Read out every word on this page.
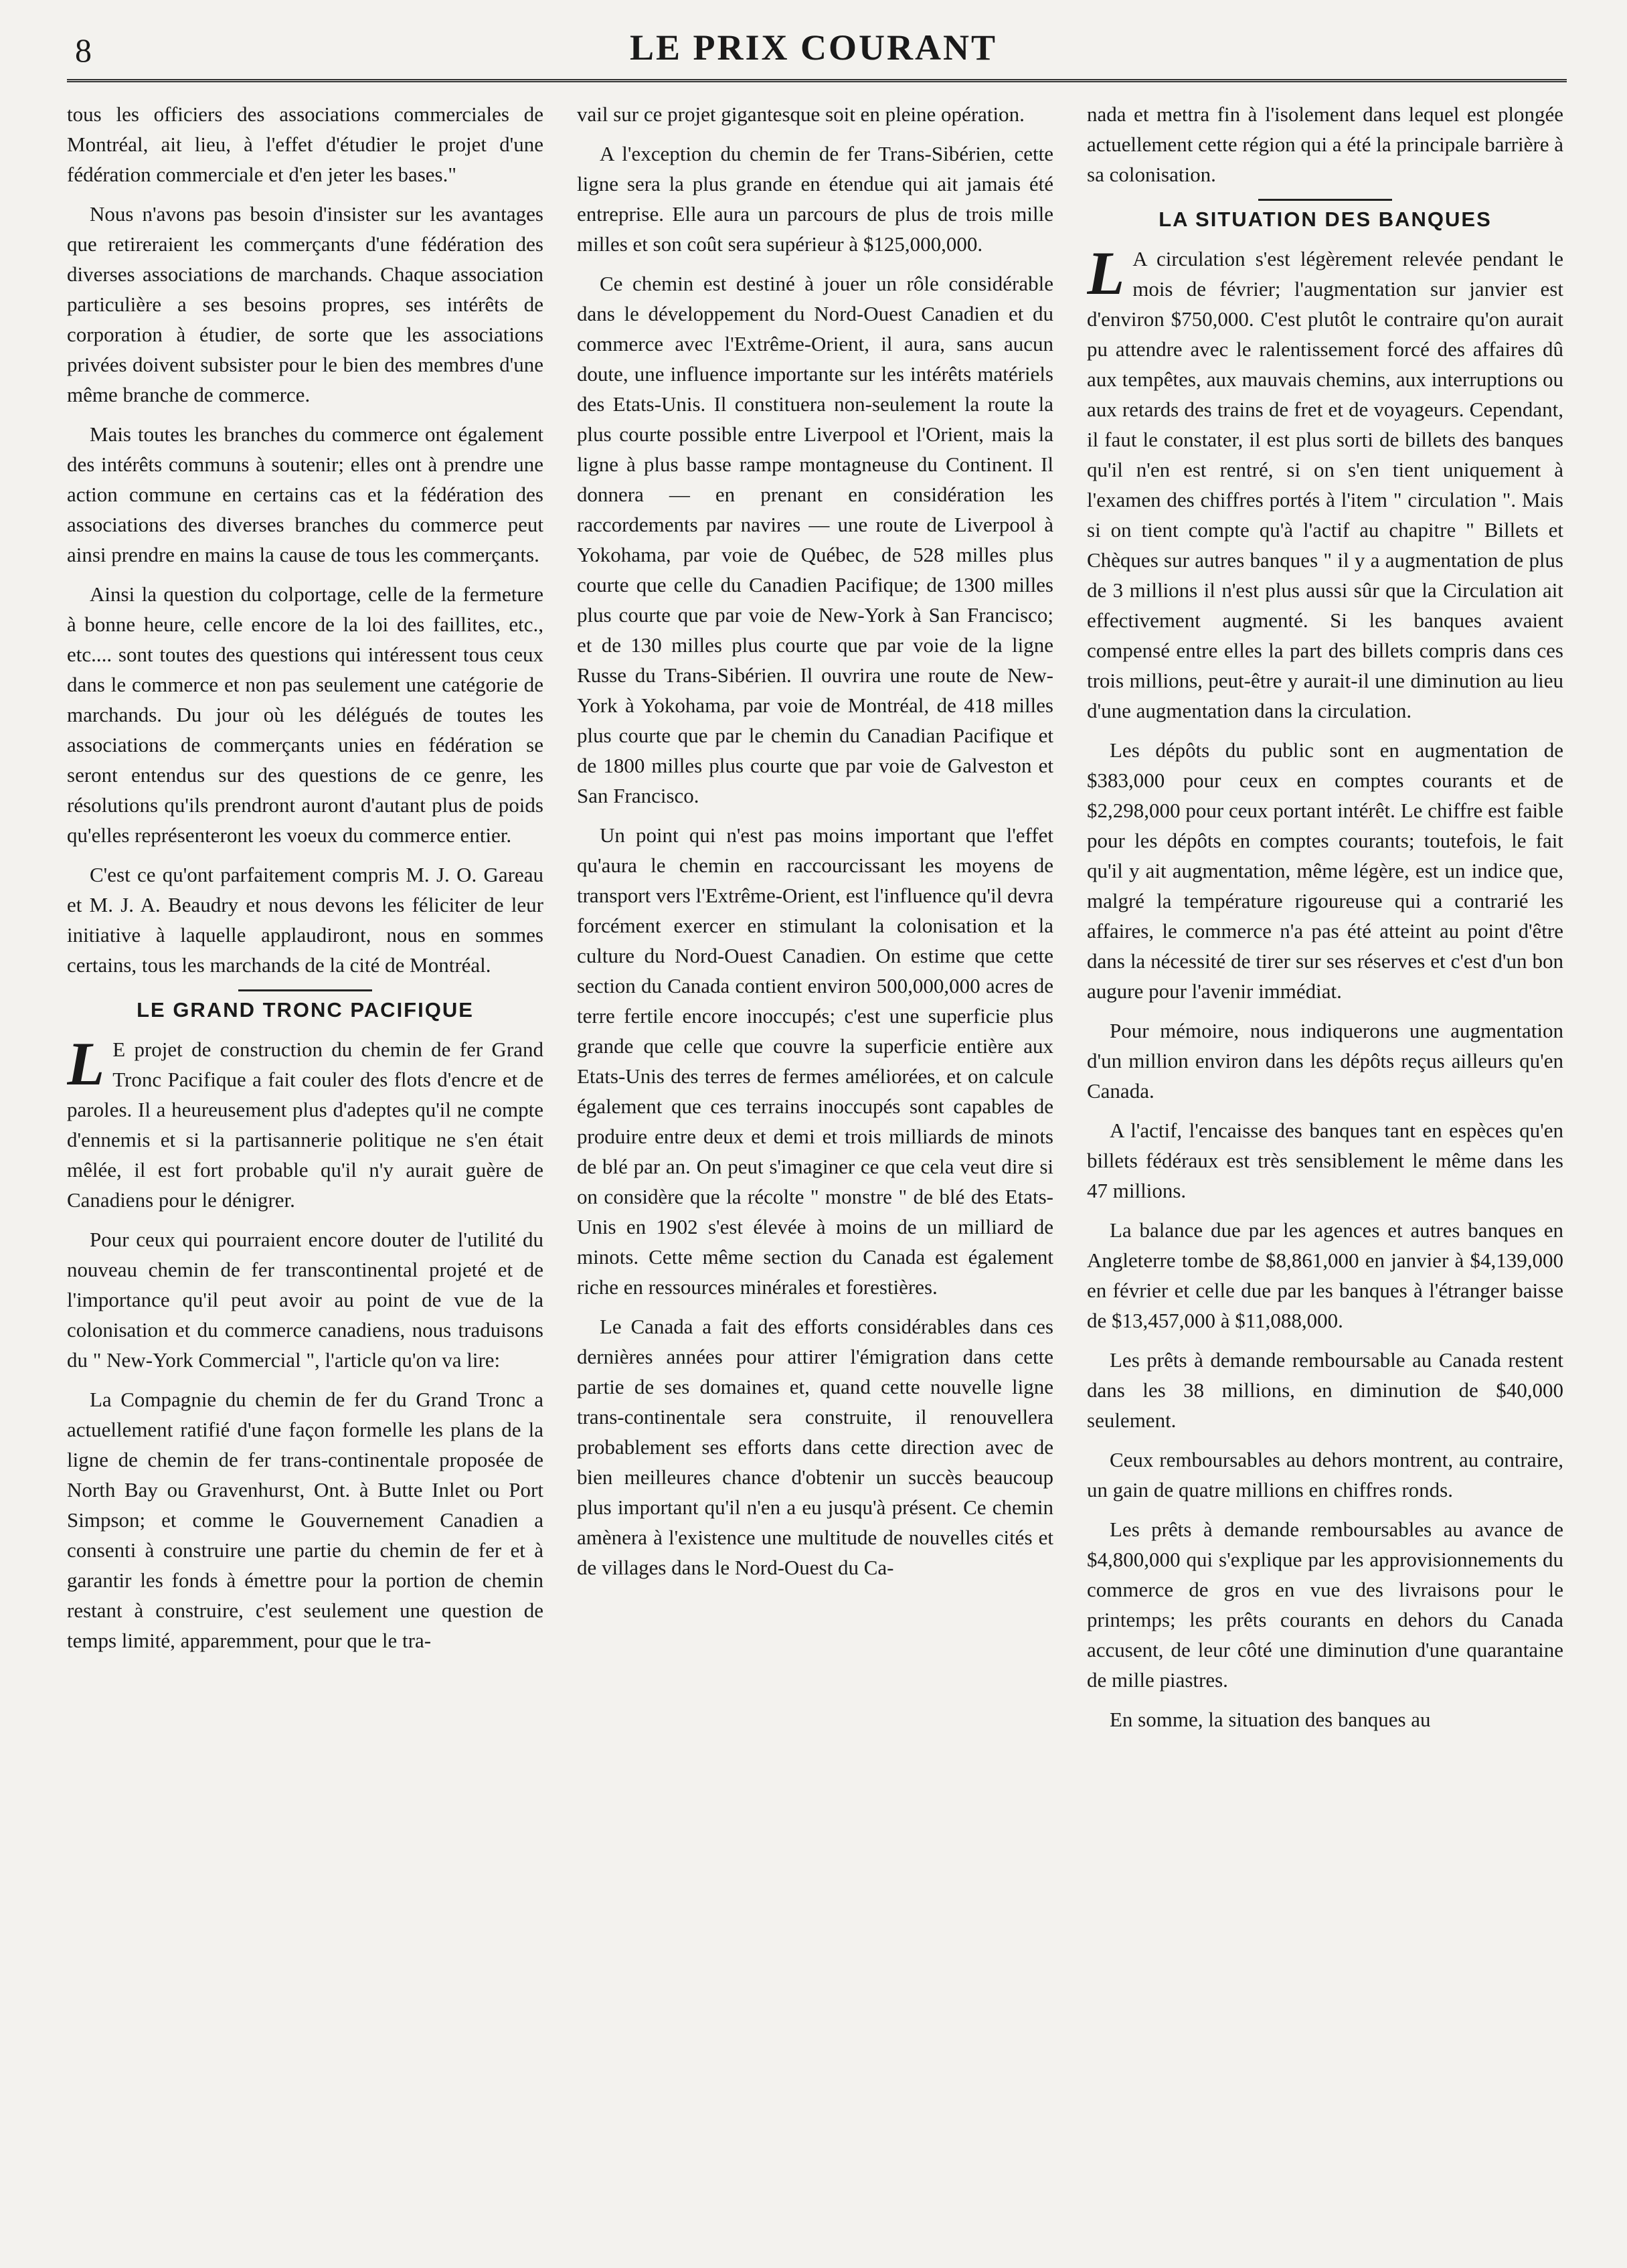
8	LE PRIX COURANT

tous les officiers des associations commerciales de Montréal, ait lieu, à l'effet d'étudier le projet d'une fédération commerciale et d'en jeter les bases."

Nous n'avons pas besoin d'insister sur les avantages que retireraient les commerçants d'une fédération des diverses associations de marchands. Chaque association particulière a ses besoins propres, ses intérêts de corporation à étudier, de sorte que les associations privées doivent subsister pour le bien des membres d'une même branche de commerce.

Mais toutes les branches du commerce ont également des intérêts communs à soutenir; elles ont à prendre une action commune en certains cas et la fédération des associations des diverses branches du commerce peut ainsi prendre en mains la cause de tous les commerçants.

Ainsi la question du colportage, celle de la fermeture à bonne heure, celle encore de la loi des faillites, etc., etc.... sont toutes des questions qui intéressent tous ceux dans le commerce et non pas seulement une catégorie de marchands. Du jour où les délégués de toutes les associations de commerçants unies en fédération se seront entendus sur des questions de ce genre, les résolutions qu'ils prendront auront d'autant plus de poids qu'elles représenteront les voeux du commerce entier.

C'est ce qu'ont parfaitement compris M. J. O. Gareau et M. J. A. Beaudry et nous devons les féliciter de leur initiative à laquelle applaudiront, nous en sommes certains, tous les marchands de la cité de Montréal.

LE GRAND TRONC PACIFIQUE

L E projet de construction du chemin de fer Grand Tronc Pacifique a fait couler des flots d'encre et de paroles. Il a heureusement plus d'adeptes qu'il ne compte d'ennemis et si la partisannerie politique ne s'en était mêlée, il est fort probable qu'il n'y aurait guère de Canadiens pour le dénigrer.

Pour ceux qui pourraient encore douter de l'utilité du nouveau chemin de fer transcontinental projeté et de l'importance qu'il peut avoir au point de vue de la colonisation et du commerce canadiens, nous traduisons du " New-York Commercial ", l'article qu'on va lire:

La Compagnie du chemin de fer du Grand Tronc a actuellement ratifié d'une façon formelle les plans de la ligne de chemin de fer trans-continentale proposée de North Bay ou Gravenhurst, Ont. à Butte Inlet ou Port Simpson; et comme le Gouvernement Canadien a consenti à construire une partie du chemin de fer et à garantir les fonds à émettre pour la portion de chemin restant à construire, c'est seulement une question de temps limité, apparemment, pour que le tra-

vail sur ce projet gigantesque soit en pleine opération.

A l'exception du chemin de fer Trans-Sibérien, cette ligne sera la plus grande en étendue qui ait jamais été entreprise. Elle aura un parcours de plus de trois mille milles et son coût sera supérieur à $125,000,000.

Ce chemin est destiné à jouer un rôle considérable dans le développement du Nord-Ouest Canadien et du commerce avec l'Extrême-Orient, il aura, sans aucun doute, une influence importante sur les intérêts matériels des Etats-Unis. Il constituera non-seulement la route la plus courte possible entre Liverpool et l'Orient, mais la ligne à plus basse rampe montagneuse du Continent. Il donnera — en prenant en considération les raccordements par navires — une route de Liverpool à Yokohama, par voie de Québec, de 528 milles plus courte que celle du Canadien Pacifique; de 1300 milles plus courte que par voie de New-York à San Francisco; et de 130 milles plus courte que par voie de la ligne Russe du Trans-Sibérien. Il ouvrira une route de New-York à Yokohama, par voie de Montréal, de 418 milles plus courte que par le chemin du Canadian Pacifique et de 1800 milles plus courte que par voie de Galveston et San Francisco.

Un point qui n'est pas moins important que l'effet qu'aura le chemin en raccourcissant les moyens de transport vers l'Extrême-Orient, est l'influence qu'il devra forcément exercer en stimulant la colonisation et la culture du Nord-Ouest Canadien. On estime que cette section du Canada contient environ 500,000,000 acres de terre fertile encore inoccupés; c'est une superficie plus grande que celle que couvre la superficie entière aux Etats-Unis des terres de fermes améliorées, et on calcule également que ces terrains inoccupés sont capables de produire entre deux et demi et trois milliards de minots de blé par an. On peut s'imaginer ce que cela veut dire si on considère que la récolte " monstre " de blé des Etats-Unis en 1902 s'est élevée à moins de un milliard de minots. Cette même section du Canada est également riche en ressources minérales et forestières.

Le Canada a fait des efforts considérables dans ces dernières années pour attirer l'émigration dans cette partie de ses domaines et, quand cette nouvelle ligne trans-continentale sera construite, il renouvellera probablement ses efforts dans cette direction avec de bien meilleures chance d'obtenir un succès beaucoup plus important qu'il n'en a eu jusqu'à présent. Ce chemin amènera à l'existence une multitude de nouvelles cités et de villages dans le Nord-Ouest du Ca-

nada et mettra fin à l'isolement dans lequel est plongée actuellement cette région qui a été la principale barrière à sa colonisation.

LA SITUATION DES BANQUES

L A circulation s'est légèrement relevée pendant le mois de février; l'augmentation sur janvier est d'environ $750,000. C'est plutôt le contraire qu'on aurait pu attendre avec le ralentissement forcé des affaires dû aux tempêtes, aux mauvais chemins, aux interruptions ou aux retards des trains de fret et de voyageurs. Cependant, il faut le constater, il est plus sorti de billets des banques qu'il n'en est rentré, si on s'en tient uniquement à l'examen des chiffres portés à l'item " circulation ". Mais si on tient compte qu'à l'actif au chapitre " Billets et Chèques sur autres banques " il y a augmentation de plus de 3 millions il n'est plus aussi sûr que la Circulation ait effectivement augmenté. Si les banques avaient compensé entre elles la part des billets compris dans ces trois millions, peut-être y aurait-il une diminution au lieu d'une augmentation dans la circulation.

Les dépôts du public sont en augmentation de $383,000 pour ceux en comptes courants et de $2,298,000 pour ceux portant intérêt. Le chiffre est faible pour les dépôts en comptes courants; toutefois, le fait qu'il y ait augmentation, même légère, est un indice que, malgré la température rigoureuse qui a contrarié les affaires, le commerce n'a pas été atteint au point d'être dans la nécessité de tirer sur ses réserves et c'est d'un bon augure pour l'avenir immédiat.

Pour mémoire, nous indiquerons une augmentation d'un million environ dans les dépôts reçus ailleurs qu'en Canada.

A l'actif, l'encaisse des banques tant en espèces qu'en billets fédéraux est très sensiblement le même dans les 47 millions.

La balance due par les agences et autres banques en Angleterre tombe de $8,861,000 en janvier à $4,139,000 en février et celle due par les banques à l'étranger baisse de $13,457,000 à $11,088,000.

Les prêts à demande remboursable au Canada restent dans les 38 millions, en diminution de $40,000 seulement.

Ceux remboursables au dehors montrent, au contraire, un gain de quatre millions en chiffres ronds.

Les prêts à demande remboursables au avance de $4,800,000 qui s'explique par les approvisionnements du commerce de gros en vue des livraisons pour le printemps; les prêts courants en dehors du Canada accusent, de leur côté une diminution d'une quarantaine de mille piastres.

En somme, la situation des banques au
